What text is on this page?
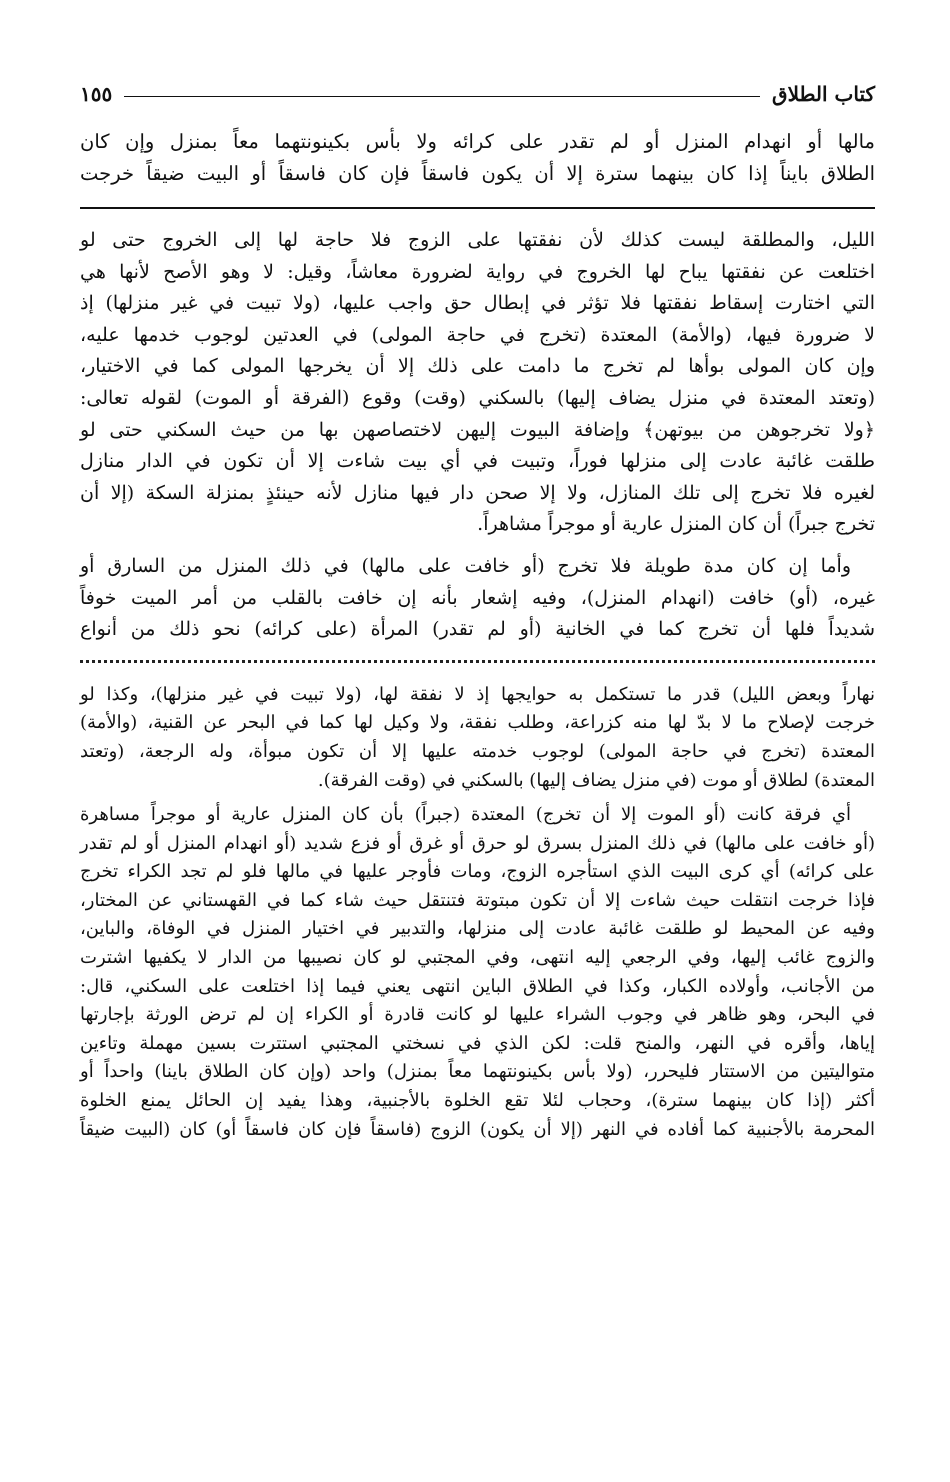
كتاب الطلاق
١٥٥

مالها أو انهدام المنزل أو لم تقدر على كرائه ولا بأس بكينونتهما معاً بمنزل وإن كان

الطلاق بايناً إذا كان بينهما سترة إلا أن يكون فاسقاً فإن كان فاسقاً أو البيت ضيقاً خرجت

الليل، والمطلقة ليست كذلك لأن نفقتها على الزوج فلا حاجة لها إلى الخروج حتى لو

اختلعت عن نفقتها يباح لها الخروج في رواية لضرورة معاشاً، وقيل: لا وهو الأصح لأنها هي

التي اختارت إسقاط نفقتها فلا تؤثر في إبطال حق واجب عليها، (ولا تبيت في غير منزلها) إذ

لا ضرورة فيها، (والأمة) المعتدة (تخرج في حاجة المولى) في العدتين لوجوب خدمها عليه،

وإن كان المولى بوأها لم تخرج ما دامت على ذلك إلا أن يخرجها المولى كما في الاختيار،

(وتعتد المعتدة في منزل يضاف إليها) بالسكني (وقت) وقوع (الفرقة أو الموت) لقوله تعالى:

﴿ولا تخرجوهن من بيوتهن﴾ وإضافة البيوت إليهن لاختصاصهن بها من حيث السكني حتى لو

طلقت غائبة عادت إلى منزلها فوراً، وتبيت في أي بيت شاءت إلا أن تكون في الدار منازل

لغيره فلا تخرج إلى تلك المنازل، ولا إلا صحن دار فيها منازل لأنه حينئذٍ بمنزلة السكة (إلا أن

تخرج جبراً) أن كان المنزل عارية أو موجراً مشاهراً.

وأما إن كان مدة طويلة فلا تخرج (أو خافت على مالها) في ذلك المنزل من السارق أو

غيره، (أو) خافت (انهدام المنزل)، وفيه إشعار بأنه إن خافت بالقلب من أمر الميت خوفاً

شديداً فلها أن تخرج كما في الخانية (أو لم تقدر) المرأة (على كرائه) نحو ذلك من أنواع

نهاراً وبعض الليل) قدر ما تستكمل به حوايجها إذ لا نفقة لها، (ولا تبيت في غير منزلها)، وكذا لو

خرجت لإصلاح ما لا بدّ لها منه كزراعة، وطلب نفقة، ولا وكيل لها كما في البحر عن القنية، (والأمة)

المعتدة (تخرج في حاجة المولى) لوجوب خدمته عليها إلا أن تكون مبوأة، وله الرجعة، (وتعتد

المعتدة) لطلاق أو موت (في منزل يضاف إليها) بالسكني في (وقت الفرقة).

أي فرقة كانت (أو الموت إلا أن تخرج) المعتدة (جبراً) بأن كان المنزل عارية أو موجراً مساهرة

(أو خافت على مالها) في ذلك المنزل بسرق لو حرق أو غرق أو فزع شديد (أو انهدام المنزل أو لم تقدر

على كرائه) أي كرى البيت الذي استأجره الزوج، ومات فأوجر عليها في مالها فلو لم تجد الكراء تخرج

فإذا خرجت انتقلت حيث شاءت إلا أن تكون مبتوتة فتنتقل حيث شاء كما في القهستاني عن المختار،

وفيه عن المحيط لو طلقت غائبة عادت إلى منزلها، والتدبير في اختيار المنزل في الوفاة، والباين،

والزوج غائب إليها، وفي الرجعي إليه انتهى، وفي المجتبي لو كان نصيبها من الدار لا يكفيها اشترت

من الأجانب، وأولاده الكبار، وكذا في الطلاق الباين انتهى يعني فيما إذا اختلعت على السكني، قال:

في البحر، وهو ظاهر في وجوب الشراء عليها لو كانت قادرة أو الكراء إن لم ترض الورثة بإجارتها

إياها، وأقره في النهر، والمنح قلت: لكن الذي في نسختي المجتبي استترت بسين مهملة وتاءين

متواليتين من الاستتار فليحرر، (ولا بأس بكينونتهما معاً بمنزل) واحد (وإن كان الطلاق باينا) واحداً أو

أكثر (إذا كان بينهما سترة)، وحجاب لئلا تقع الخلوة بالأجنبية، وهذا يفيد إن الحائل يمنع الخلوة

المحرمة بالأجنبية كما أفاده في النهر (إلا أن يكون) الزوج (فاسقاً فإن كان فاسقاً أو) كان (البيت ضيقاً
